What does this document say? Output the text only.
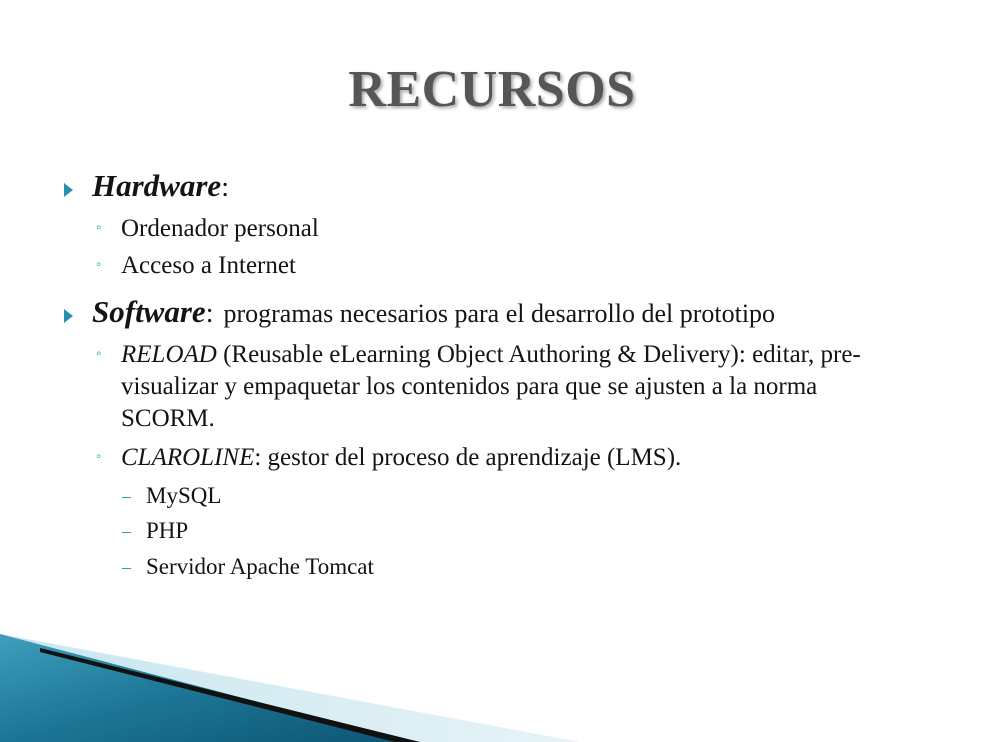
RECURSOS
Hardware :
◦ Ordenador personal
◦ Acceso a Internet
Software : programas necesarios para el desarrollo del prototipo
◦ RELOAD (Reusable eLearning Object Authoring & Delivery): editar, pre-visualizar y empaquetar los contenidos para que se ajusten a la norma SCORM.
◦ CLAROLINE: gestor del proceso de aprendizaje (LMS).
– MySQL
– PHP
– Servidor Apache Tomcat
